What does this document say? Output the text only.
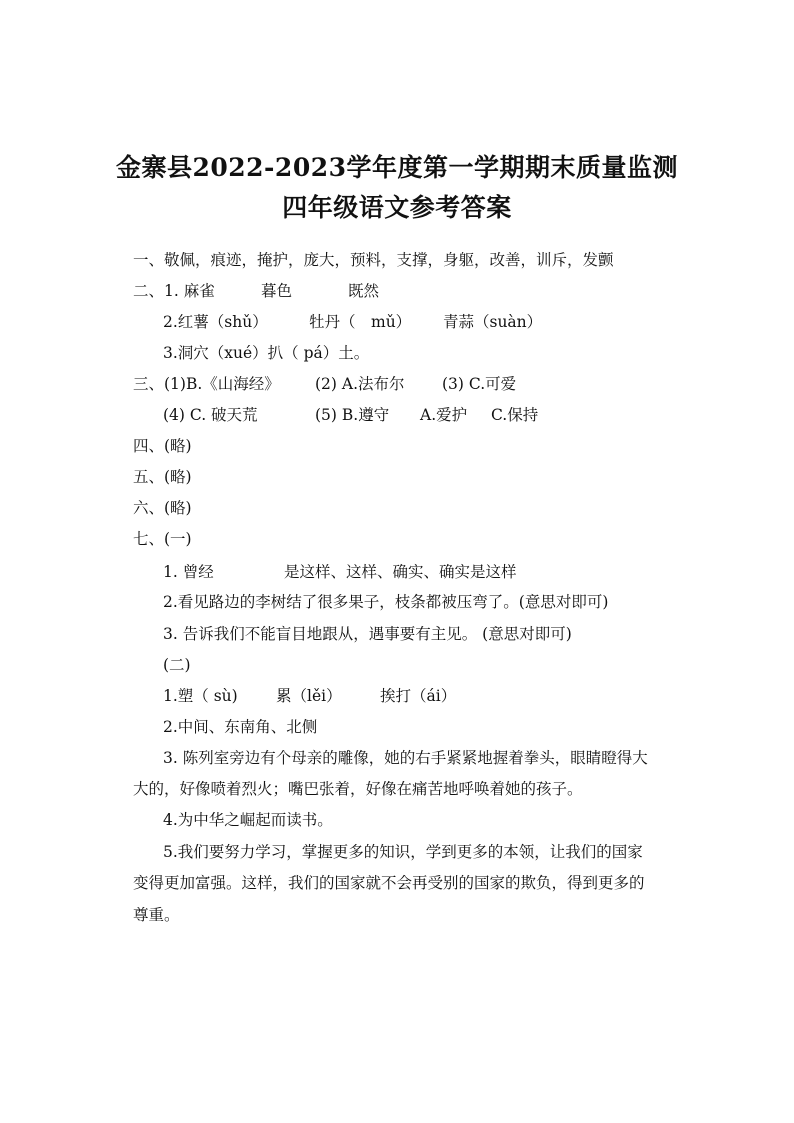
金寨县2022-2023学年度第一学期期末质量监测
四年级语文参考答案
一、敬佩，痕迹，掩护，庞大，预料，支撑，身躯，改善，训斥，发颤
二、1. 麻雀	暮色	既然
2.红薯（shǔ）	牡丹（　mǔ） 青蒜（suàn）
3.洞穴（xué）扒（ pá）土。
三、(1)B.《山海经》 (2) A.法布尔 (3) C.可爱
(4) C. 破天荒	(5) B.遵守 A.爱护 C.保持
四、(略)
五、(略)
六、(略)
七、(一)
1. 曾经	是这样、这样、确实、确实是这样
2.看见路边的李树结了很多果子，枝条都被压弯了。(意思对即可)
3. 告诉我们不能盲目地跟从，遇事要有主见。 (意思对即可)
(二)
1.塑（ sù) 累（lěi） 挨打（ái）
2.中间、东南角、北侧
3. 陈列室旁边有个母亲的雕像，她的右手紧紧地握着拳头，眼睛瞪得大
大的，好像喷着烈火；嘴巴张着，好像在痛苦地呼唤着她的孩子。
4.为中华之崛起而读书。
5.我们要努力学习，掌握更多的知识，学到更多的本领，让我们的国家
变得更加富强。这样，我们的国家就不会再受别的国家的欺负，得到更多的
尊重。
